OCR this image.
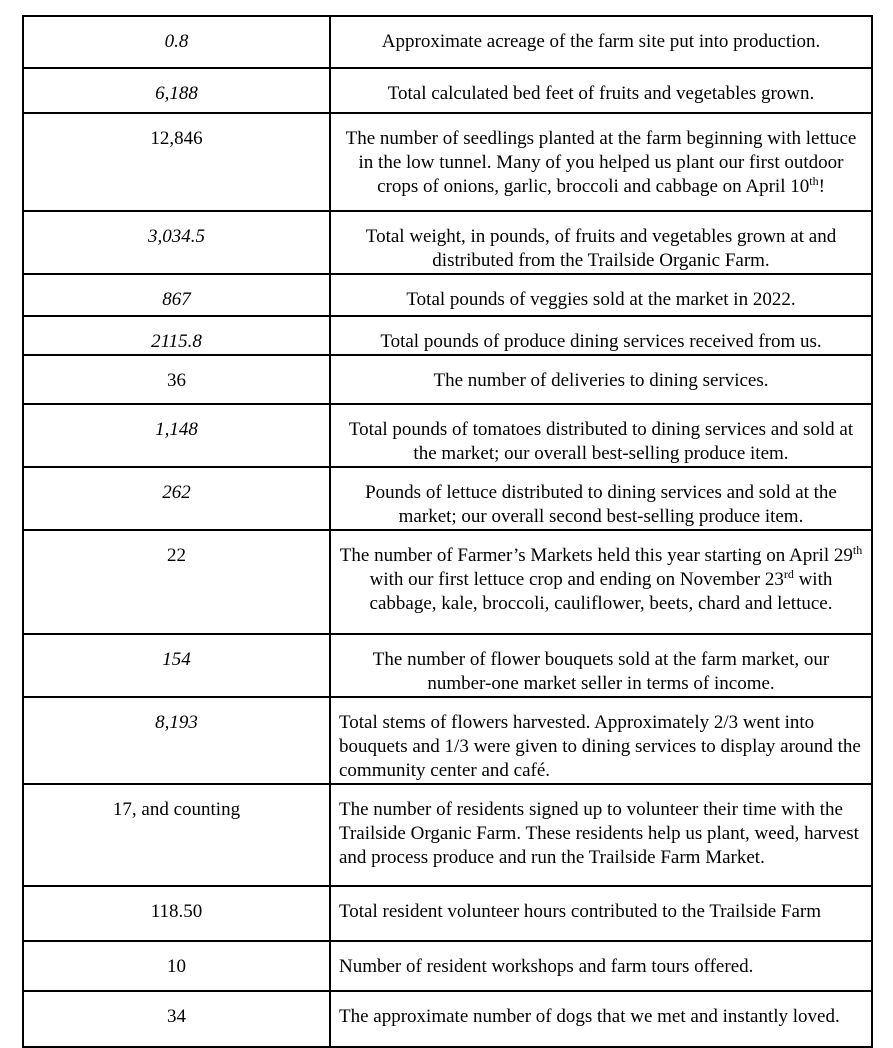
0.8	Approximate acreage of the farm site put into production.
6,188	Total calculated bed feet of fruits and vegetables grown.
12,846	The number of seedlings planted at the farm beginning with lettuce in the low tunnel. Many of you helped us plant our first outdoor crops of onions, garlic, broccoli and cabbage on April 10th!
3,034.5	Total weight, in pounds, of fruits and vegetables grown at and distributed from the Trailside Organic Farm.
867	Total pounds of veggies sold at the market in 2022.
2115.8	Total pounds of produce dining services received from us.
36	The number of deliveries to dining services.
1,148	Total pounds of tomatoes distributed to dining services and sold at the market; our overall best-selling produce item.
262	Pounds of lettuce distributed to dining services and sold at the market; our overall second best-selling produce item.
22	The number of Farmer’s Markets held this year starting on April 29th with our first lettuce crop and ending on November 23rd with cabbage, kale, broccoli, cauliflower, beets, chard and lettuce.
154	The number of flower bouquets sold at the farm market, our number-one market seller in terms of income.
8,193	Total stems of flowers harvested. Approximately 2/3 went into bouquets and 1/3 were given to dining services to display around the community center and café.
17, and counting	The number of residents signed up to volunteer their time with the Trailside Organic Farm. These residents help us plant, weed, harvest and process produce and run the Trailside Farm Market.
118.50	Total resident volunteer hours contributed to the Trailside Farm
10	Number of resident workshops and farm tours offered.
34	The approximate number of dogs that we met and instantly loved.
